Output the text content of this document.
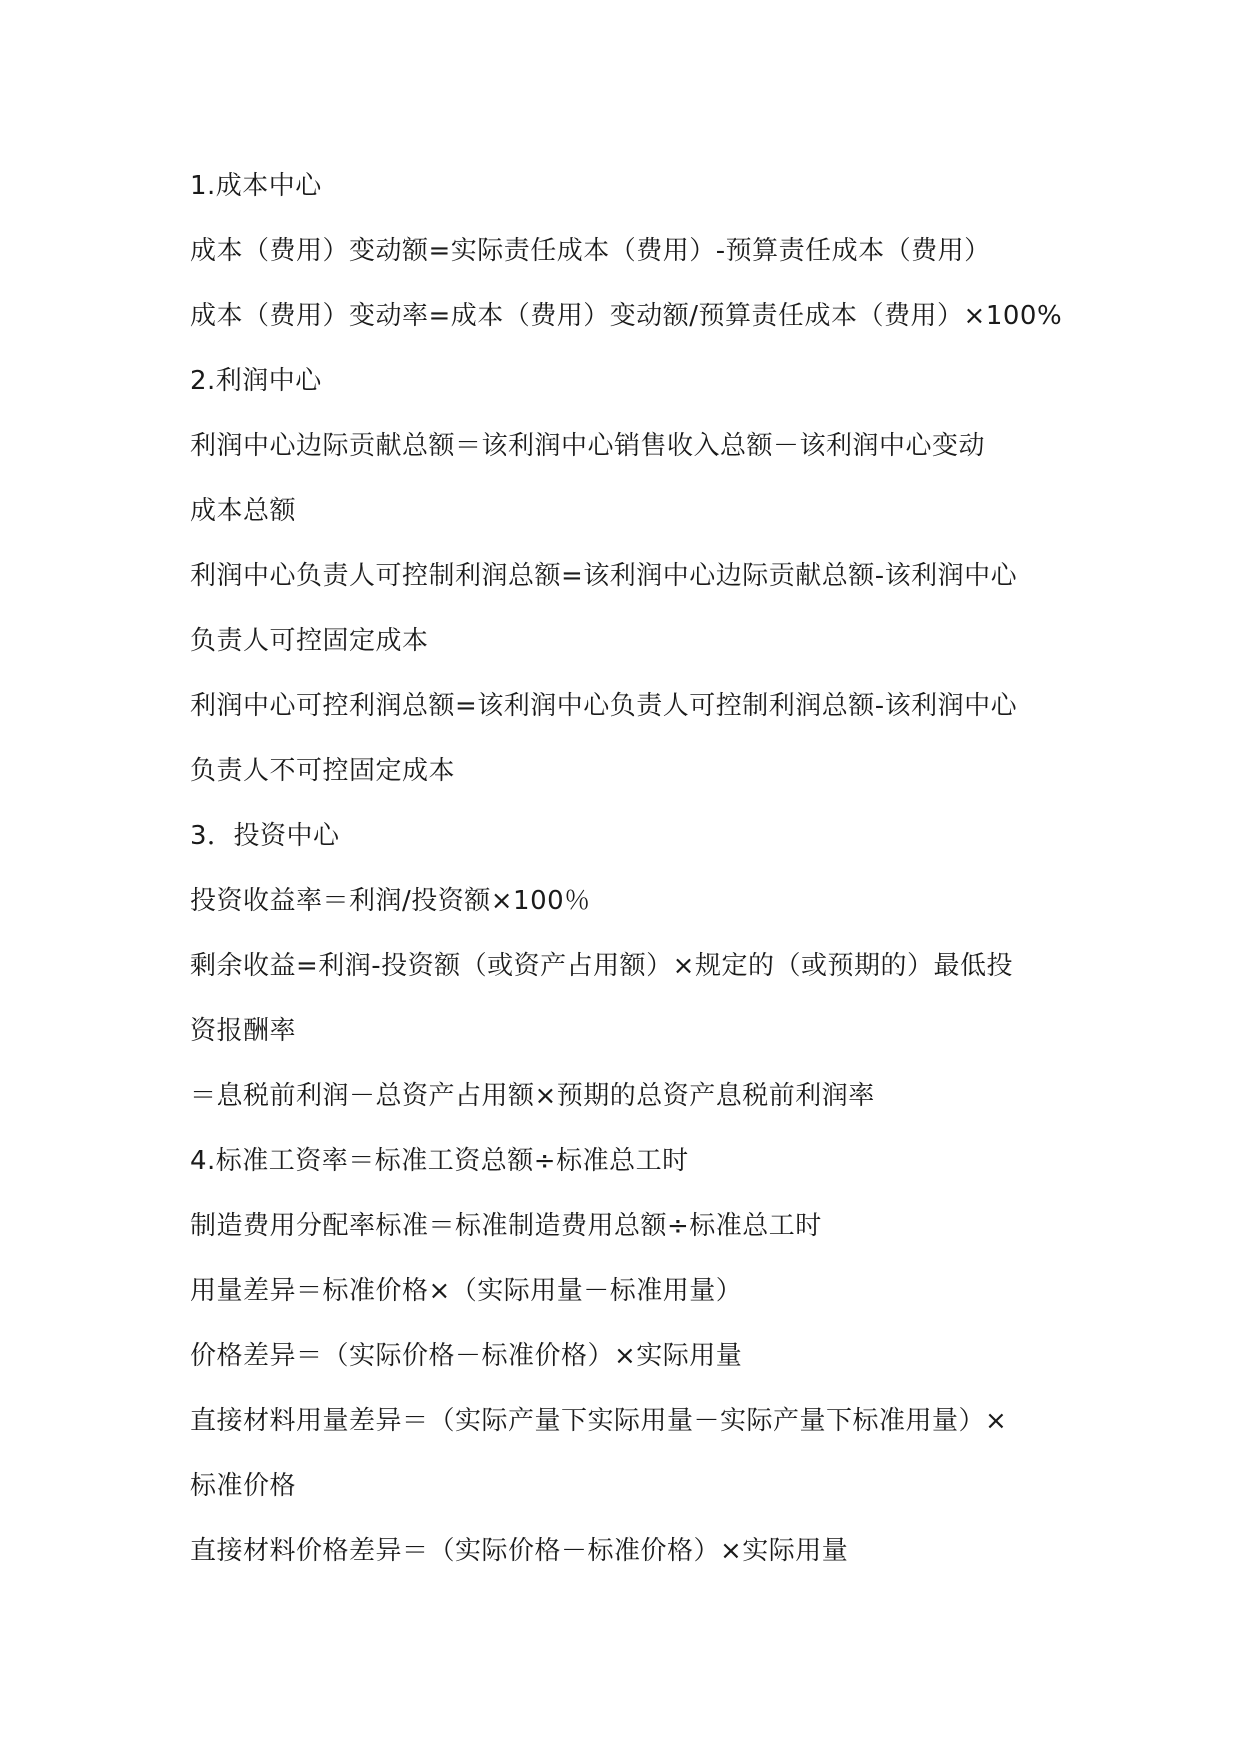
1.成本中心
成本（费用）变动额=实际责任成本（费用）-预算责任成本（费用）
成本（费用）变动率=成本（费用）变动额/预算责任成本（费用）×100%
2.利润中心
利润中心边际贡献总额＝该利润中心销售收入总额－该利润中心变动
成本总额
利润中心负责人可控制利润总额=该利润中心边际贡献总额-该利润中心
负责人可控固定成本
利润中心可控利润总额=该利润中心负责人可控制利润总额-该利润中心
负责人不可控固定成本
3．投资中心
投资收益率＝利润/投资额×100％
剩余收益=利润-投资额（或资产占用额）×规定的（或预期的）最低投
资报酬率
＝息税前利润－总资产占用额×预期的总资产息税前利润率
4.标准工资率＝标准工资总额÷标准总工时
制造费用分配率标准＝标准制造费用总额÷标准总工时
用量差异＝标准价格×（实际用量－标准用量）
价格差异＝（实际价格－标准价格）×实际用量
直接材料用量差异＝（实际产量下实际用量－实际产量下标准用量）×
标准价格
直接材料价格差异＝（实际价格－标准价格）×实际用量
